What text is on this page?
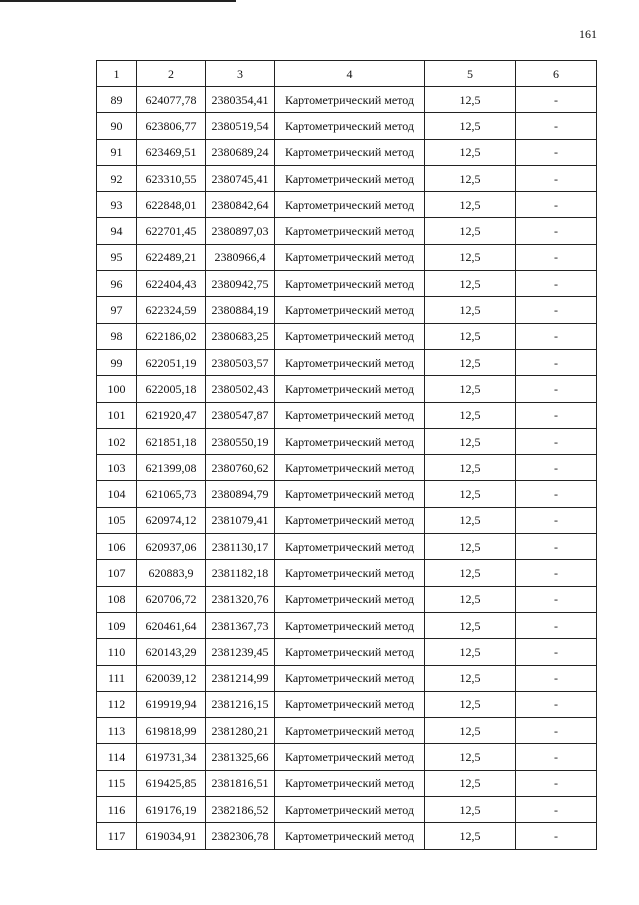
161
1	2	3	4	5	6
89	624077,78	2380354,41	Картометрический метод	12,5	-
90	623806,77	2380519,54	Картометрический метод	12,5	-
91	623469,51	2380689,24	Картометрический метод	12,5	-
92	623310,55	2380745,41	Картометрический метод	12,5	-
93	622848,01	2380842,64	Картометрический метод	12,5	-
94	622701,45	2380897,03	Картометрический метод	12,5	-
95	622489,21	2380966,4	Картометрический метод	12,5	-
96	622404,43	2380942,75	Картометрический метод	12,5	-
97	622324,59	2380884,19	Картометрический метод	12,5	-
98	622186,02	2380683,25	Картометрический метод	12,5	-
99	622051,19	2380503,57	Картометрический метод	12,5	-
100	622005,18	2380502,43	Картометрический метод	12,5	-
101	621920,47	2380547,87	Картометрический метод	12,5	-
102	621851,18	2380550,19	Картометрический метод	12,5	-
103	621399,08	2380760,62	Картометрический метод	12,5	-
104	621065,73	2380894,79	Картометрический метод	12,5	-
105	620974,12	2381079,41	Картометрический метод	12,5	-
106	620937,06	2381130,17	Картометрический метод	12,5	-
107	620883,9	2381182,18	Картометрический метод	12,5	-
108	620706,72	2381320,76	Картометрический метод	12,5	-
109	620461,64	2381367,73	Картометрический метод	12,5	-
110	620143,29	2381239,45	Картометрический метод	12,5	-
111	620039,12	2381214,99	Картометрический метод	12,5	-
112	619919,94	2381216,15	Картометрический метод	12,5	-
113	619818,99	2381280,21	Картометрический метод	12,5	-
114	619731,34	2381325,66	Картометрический метод	12,5	-
115	619425,85	2381816,51	Картометрический метод	12,5	-
116	619176,19	2382186,52	Картометрический метод	12,5	-
117	619034,91	2382306,78	Картометрический метод	12,5	-
